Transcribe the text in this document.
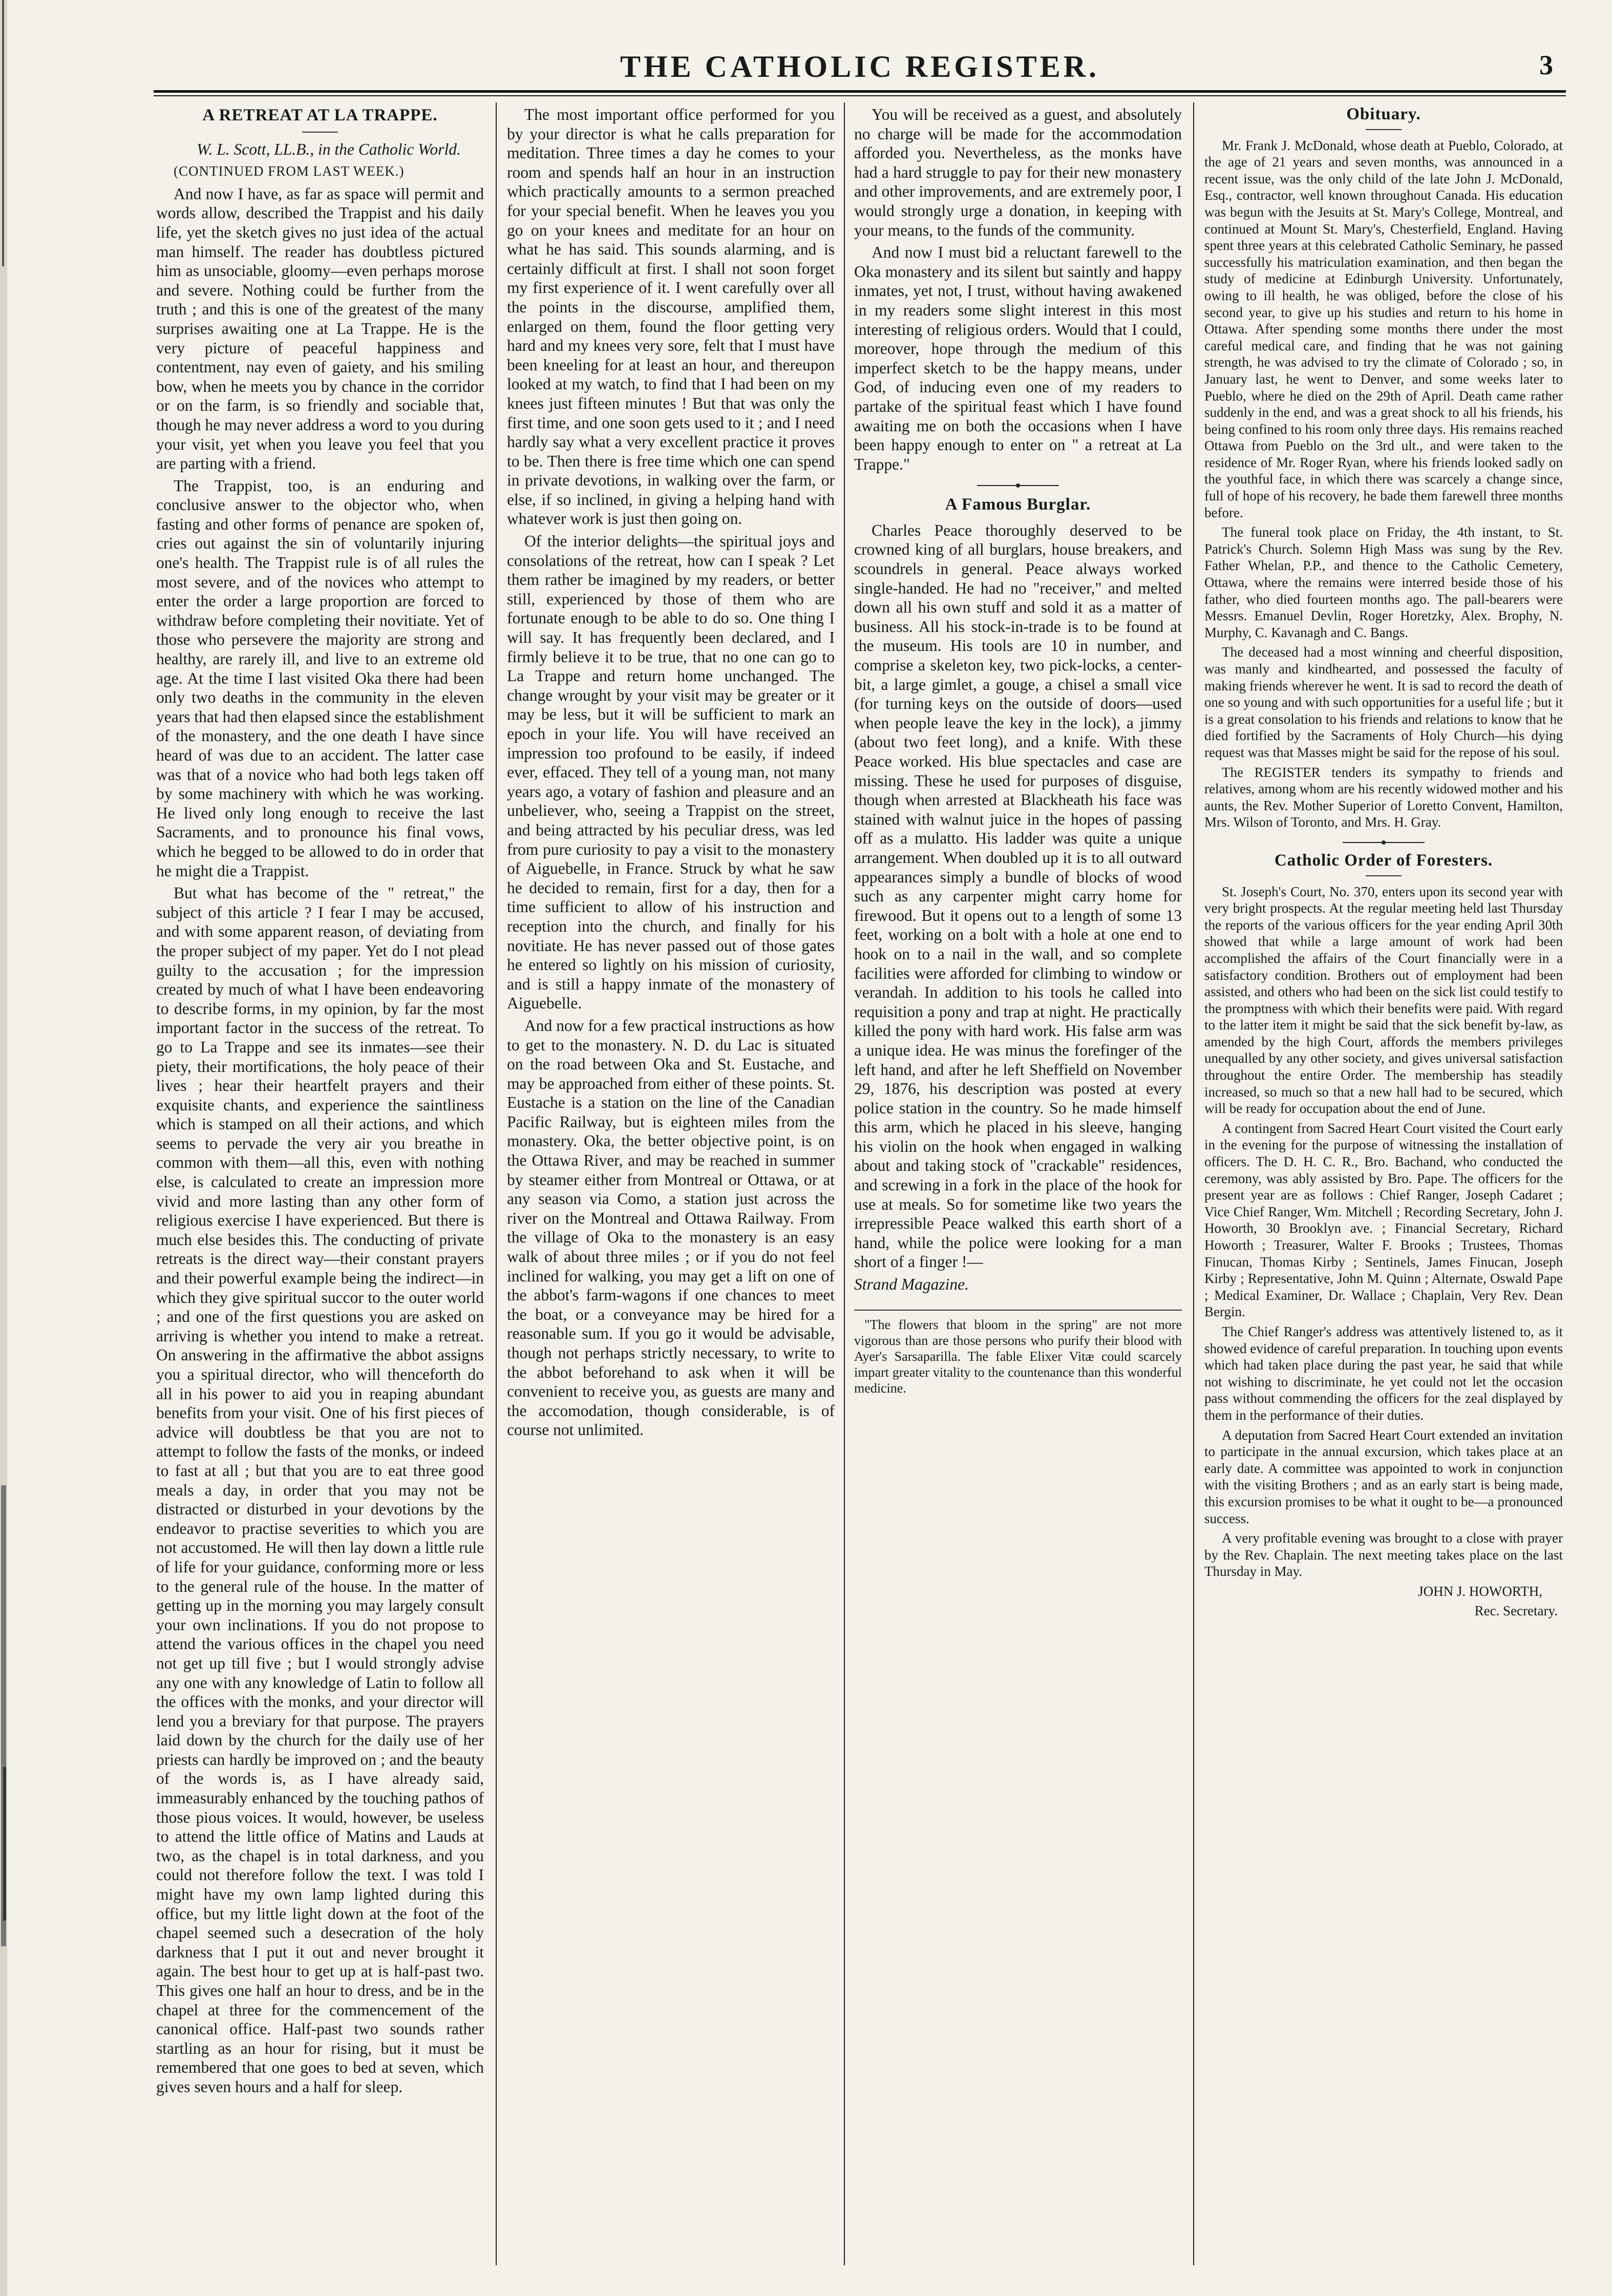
THE CATHOLIC REGISTER.	3
A RETREAT AT LA TRAPPE.

W. L. Scott, LL.B., in the Catholic World.

(CONTINUED FROM LAST WEEK.)

And now I have, as far as space will permit and words allow, described the Trappist and his daily life, yet the sketch gives no just idea of the actual man himself. The reader has doubtless pictured him as unsociable, gloomy—even perhaps morose and severe. Nothing could be further from the truth ; and this is one of the greatest of the many surprises awaiting one at La Trappe. He is the very picture of peaceful happiness and contentment, nay even of gaiety, and his smiling bow, when he meets you by chance in the corridor or on the farm, is so friendly and sociable that, though he may never address a word to you during your visit, yet when you leave you feel that you are parting with a friend.

The Trappist, too, is an enduring and conclusive answer to the objector who, when fasting and other forms of penance are spoken of, cries out against the sin of voluntarily injuring one's health. The Trappist rule is of all rules the most severe, and of the novices who attempt to enter the order a large proportion are forced to withdraw before completing their novitiate. Yet of those who persevere the majority are strong and healthy, are rarely ill, and live to an extreme old age. At the time I last visited Oka there had been only two deaths in the community in the eleven years that had then elapsed since the establishment of the monastery, and the one death I have since heard of was due to an accident. The latter case was that of a novice who had both legs taken off by some machinery with which he was working. He lived only long enough to receive the last Sacraments, and to pronounce his final vows, which he begged to be allowed to do in order that he might die a Trappist.

But what has become of the " retreat," the subject of this article ? I fear I may be accused, and with some apparent reason, of deviating from the proper subject of my paper. Yet do I not plead guilty to the accusation ; for the impression created by much of what I have been endeavoring to describe forms, in my opinion, by far the most important factor in the success of the retreat. To go to La Trappe and see its inmates—see their piety, their mortifications, the holy peace of their lives ; hear their heartfelt prayers and their exquisite chants, and experience the saintliness which is stamped on all their actions, and which seems to pervade the very air you breathe in common with them—all this, even with nothing else, is calculated to create an impression more vivid and more lasting than any other form of religious exercise I have experienced. But there is much else besides this. The conducting of private retreats is the direct way—their constant prayers and their powerful example being the indirect—in which they give spiritual succor to the outer world ; and one of the first questions you are asked on arriving is whether you intend to make a retreat. On answering in the affirmative the abbot assigns you a spiritual director, who will thenceforth do all in his power to aid you in reaping abundant benefits from your visit. One of his first pieces of advice will doubtless be that you are not to attempt to follow the fasts of the monks, or indeed to fast at all ; but that you are to eat three good meals a day, in order that you may not be distracted or disturbed in your devotions by the endeavor to practise severities to which you are not accustomed. He will then lay down a little rule of life for your guidance, conforming more or less to the general rule of the house. In the matter of getting up in the morning you may largely consult your own inclinations. If you do not propose to attend the various offices in the chapel you need not get up till five ; but I would strongly advise any one with any knowledge of Latin to follow all the offices with the monks, and your director will lend you a breviary for that purpose. The prayers laid down by the church for the daily use of her priests can hardly be improved on ; and the beauty of the words is, as I have already said, immeasurably enhanced by the touching pathos of those pious voices. It would, however, be useless to attend the little office of Matins and Lauds at two, as the chapel is in total darkness, and you could not therefore follow the text. I was told I might have my own lamp lighted during this office, but my little light down at the foot of the chapel seemed such a desecration of the holy darkness that I put it out and never brought it again. The best hour to get up at is half-past two. This gives one half an hour to dress, and be in the chapel at three for the commencement of the canonical office. Half-past two sounds rather startling as an hour for rising, but it must be remembered that one goes to bed at seven, which gives seven hours and a half for sleep.

The most important office performed for you by your director is what he calls preparation for meditation. Three times a day he comes to your room and spends half an hour in an instruction which practically amounts to a sermon preached for your special benefit. When he leaves you you go on your knees and meditate for an hour on what he has said. This sounds alarming, and is certainly difficult at first. I shall not soon forget my first experience of it. I went carefully over all the points in the discourse, amplified them, enlarged on them, found the floor getting very hard and my knees very sore, felt that I must have been kneeling for at least an hour, and thereupon looked at my watch, to find that I had been on my knees just fifteen minutes ! But that was only the first time, and one soon gets used to it ; and I need hardly say what a very excellent practice it proves to be. Then there is free time which one can spend in private devotions, in walking over the farm, or else, if so inclined, in giving a helping hand with whatever work is just then going on.

Of the interior delights—the spiritual joys and consolations of the retreat, how can I speak ? Let them rather be imagined by my readers, or better still, experienced by those of them who are fortunate enough to be able to do so. One thing I will say. It has frequently been declared, and I firmly believe it to be true, that no one can go to La Trappe and return home unchanged. The change wrought by your visit may be greater or it may be less, but it will be sufficient to mark an epoch in your life. You will have received an impression too profound to be easily, if indeed ever, effaced. They tell of a young man, not many years ago, a votary of fashion and pleasure and an unbeliever, who, seeing a Trappist on the street, and being attracted by his peculiar dress, was led from pure curiosity to pay a visit to the monastery of Aiguebelle, in France. Struck by what he saw he decided to remain, first for a day, then for a time sufficient to allow of his instruction and reception into the church, and finally for his novitiate. He has never passed out of those gates he entered so lightly on his mission of curiosity, and is still a happy inmate of the monastery of Aiguebelle.

And now for a few practical instructions as how to get to the monastery. N. D. du Lac is situated on the road between Oka and St. Eustache, and may be approached from either of these points. St. Eustache is a station on the line of the Canadian Pacific Railway, but is eighteen miles from the monastery. Oka, the better objective point, is on the Ottawa River, and may be reached in summer by steamer either from Montreal or Ottawa, or at any season via Como, a station just across the river on the Montreal and Ottawa Railway. From the village of Oka to the monastery is an easy walk of about three miles ; or if you do not feel inclined for walking, you may get a lift on one of the abbot's farm-wagons if one chances to meet the boat, or a conveyance may be hired for a reasonable sum. If you go it would be advisable, though not perhaps strictly necessary, to write to the abbot beforehand to ask when it will be convenient to receive you, as guests are many and the accomodation, though considerable, is of course not unlimited.

You will be received as a guest, and absolutely no charge will be made for the accommodation afforded you. Nevertheless, as the monks have had a hard struggle to pay for their new monastery and other improvements, and are extremely poor, I would strongly urge a donation, in keeping with your means, to the funds of the community.

And now I must bid a reluctant farewell to the Oka monastery and its silent but saintly and happy inmates, yet not, I trust, without having awakened in my readers some slight interest in this most interesting of religious orders. Would that I could, moreover, hope through the medium of this imperfect sketch to be the happy means, under God, of inducing even one of my readers to partake of the spiritual feast which I have found awaiting me on both the occasions when I have been happy enough to enter on " a retreat at La Trappe."

A Famous Burglar.

Charles Peace thoroughly deserved to be crowned king of all burglars, house breakers, and scoundrels in general. Peace always worked single-handed. He had no "receiver," and melted down all his own stuff and sold it as a matter of business. All his stock-in-trade is to be found at the museum. His tools are 10 in number, and comprise a skeleton key, two pick-locks, a center-bit, a large gimlet, a gouge, a chisel a small vice (for turning keys on the outside of doors—used when people leave the key in the lock), a jimmy (about two feet long), and a knife. With these Peace worked. His blue spectacles and case are missing. These he used for purposes of disguise, though when arrested at Blackheath his face was stained with walnut juice in the hopes of passing off as a mulatto. His ladder was quite a unique arrangement. When doubled up it is to all outward appearances simply a bundle of blocks of wood such as any carpenter might carry home for firewood. But it opens out to a length of some 13 feet, working on a bolt with a hole at one end to hook on to a nail in the wall, and so complete facilities were afforded for climbing to window or verandah. In addition to his tools he called into requisition a pony and trap at night. He practically killed the pony with hard work. His false arm was a unique idea. He was minus the forefinger of the left hand, and after he left Sheffield on November 29, 1876, his description was posted at every police station in the country. So he made himself this arm, which he placed in his sleeve, hanging his violin on the hook when engaged in walking about and taking stock of "crackable" residences, and screwing in a fork in the place of the hook for use at meals. So for sometime like two years the irrepressible Peace walked this earth short of a hand, while the police were looking for a man short of a finger !—

Strand Magazine.

"The flowers that bloom in the spring" are not more vigorous than are those persons who purify their blood with Ayer's Sarsaparilla. The fable Elixer Vitæ could scarcely impart greater vitality to the countenance than this wonderful medicine.

Obituary.

Mr. Frank J. McDonald, whose death at Pueblo, Colorado, at the age of 21 years and seven months, was announced in a recent issue, was the only child of the late John J. McDonald, Esq., contractor, well known throughout Canada. His education was begun with the Jesuits at St. Mary's College, Montreal, and continued at Mount St. Mary's, Chesterfield, England. Having spent three years at this celebrated Catholic Seminary, he passed successfully his matriculation examination, and then began the study of medicine at Edinburgh University. Unfortunately, owing to ill health, he was obliged, before the close of his second year, to give up his studies and return to his home in Ottawa. After spending some months there under the most careful medical care, and finding that he was not gaining strength, he was advised to try the climate of Colorado ; so, in January last, he went to Denver, and some weeks later to Pueblo, where he died on the 29th of April. Death came rather suddenly in the end, and was a great shock to all his friends, his being confined to his room only three days. His remains reached Ottawa from Pueblo on the 3rd ult., and were taken to the residence of Mr. Roger Ryan, where his friends looked sadly on the youthful face, in which there was scarcely a change since, full of hope of his recovery, he bade them farewell three months before.

The funeral took place on Friday, the 4th instant, to St. Patrick's Church. Solemn High Mass was sung by the Rev. Father Whelan, P.P., and thence to the Catholic Cemetery, Ottawa, where the remains were interred beside those of his father, who died fourteen months ago. The pall-bearers were Messrs. Emanuel Devlin, Roger Horetzky, Alex. Brophy, N. Murphy, C. Kavanagh and C. Bangs.

The deceased had a most winning and cheerful disposition, was manly and kindhearted, and possessed the faculty of making friends wherever he went. It is sad to record the death of one so young and with such opportunities for a useful life ; but it is a great consolation to his friends and relations to know that he died fortified by the Sacraments of Holy Church—his dying request was that Masses might be said for the repose of his soul.

The REGISTER tenders its sympathy to friends and relatives, among whom are his recently widowed mother and his aunts, the Rev. Mother Superior of Loretto Convent, Hamilton, Mrs. Wilson of Toronto, and Mrs. H. Gray.

Catholic Order of Foresters.

St. Joseph's Court, No. 370, enters upon its second year with very bright prospects. At the regular meeting held last Thursday the reports of the various officers for the year ending April 30th showed that while a large amount of work had been accomplished the affairs of the Court financially were in a satisfactory condition. Brothers out of employment had been assisted, and others who had been on the sick list could testify to the promptness with which their benefits were paid. With regard to the latter item it might be said that the sick benefit by-law, as amended by the high Court, affords the members privileges unequalled by any other society, and gives universal satisfaction throughout the entire Order. The membership has steadily increased, so much so that a new hall had to be secured, which will be ready for occupation about the end of June.

A contingent from Sacred Heart Court visited the Court early in the evening for the purpose of witnessing the installation of officers. The D. H. C. R., Bro. Bachand, who conducted the ceremony, was ably assisted by Bro. Pape. The officers for the present year are as follows : Chief Ranger, Joseph Cadaret ; Vice Chief Ranger, Wm. Mitchell ; Recording Secretary, John J. Howorth, 30 Brooklyn ave. ; Financial Secretary, Richard Howorth ; Treasurer, Walter F. Brooks ; Trustees, Thomas Finucan, Thomas Kirby ; Sentinels, James Finucan, Joseph Kirby ; Representative, John M. Quinn ; Alternate, Oswald Pape ; Medical Examiner, Dr. Wallace ; Chaplain, Very Rev. Dean Bergin.

The Chief Ranger's address was attentively listened to, as it showed evidence of careful preparation. In touching upon events which had taken place during the past year, he said that while not wishing to discriminate, he yet could not let the occasion pass without commending the officers for the zeal displayed by them in the performance of their duties.

A deputation from Sacred Heart Court extended an invitation to participate in the annual excursion, which takes place at an early date. A committee was appointed to work in conjunction with the visiting Brothers ; and as an early start is being made, this excursion promises to be what it ought to be—a pronounced success.

A very profitable evening was brought to a close with prayer by the Rev. Chaplain. The next meeting takes place on the last Thursday in May.

JOHN J. HOWORTH,

Rec. Secretary.
